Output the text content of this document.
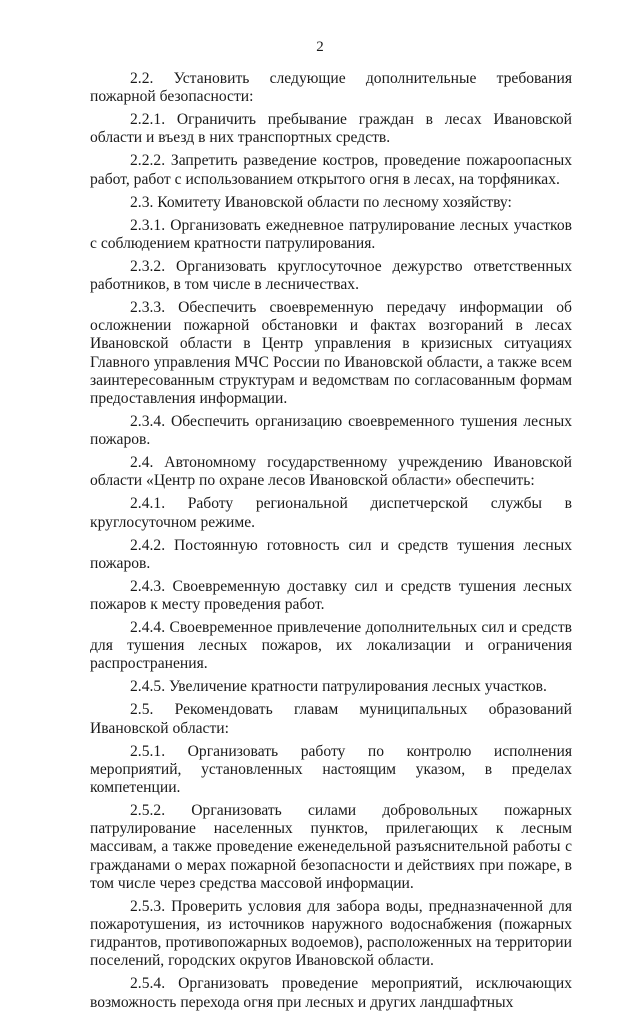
2

2.2. Установить следующие дополнительные требования пожарной безопасности:

2.2.1. Ограничить пребывание граждан в лесах Ивановской области и въезд в них транспортных средств.

2.2.2. Запретить разведение костров, проведение пожароопасных работ, работ с использованием открытого огня в лесах, на торфяниках.

2.3. Комитету Ивановской области по лесному хозяйству:

2.3.1. Организовать ежедневное патрулирование лесных участков с соблюдением кратности патрулирования.

2.3.2. Организовать круглосуточное дежурство ответственных работников, в том числе в лесничествах.

2.3.3. Обеспечить своевременную передачу информации об осложнении пожарной обстановки и фактах возгораний в лесах Ивановской области в Центр управления в кризисных ситуациях Главного управления МЧС России по Ивановской области, а также всем заинтересованным структурам и ведомствам по согласованным формам предоставления информации.

2.3.4. Обеспечить организацию своевременного тушения лесных пожаров.

2.4. Автономному государственному учреждению Ивановской области «Центр по охране лесов Ивановской области» обеспечить:

2.4.1. Работу региональной диспетчерской службы в круглосуточном режиме.

2.4.2. Постоянную готовность сил и средств тушения лесных пожаров.

2.4.3. Своевременную доставку сил и средств тушения лесных пожаров к месту проведения работ.

2.4.4. Своевременное привлечение дополнительных сил и средств для тушения лесных пожаров, их локализации и ограничения распространения.

2.4.5. Увеличение кратности патрулирования лесных участков.

2.5. Рекомендовать главам муниципальных образований Ивановской области:

2.5.1. Организовать работу по контролю исполнения мероприятий, установленных настоящим указом, в пределах компетенции.

2.5.2. Организовать силами добровольных пожарных патрулирование населенных пунктов, прилегающих к лесным массивам, а также проведение еженедельной разъяснительной работы с гражданами о мерах пожарной безопасности и действиях при пожаре, в том числе через средства массовой информации.

2.5.3. Проверить условия для забора воды, предназначенной для пожаротушения, из источников наружного водоснабжения (пожарных гидрантов, противопожарных водоемов), расположенных на территории поселений, городских округов Ивановской области.

2.5.4. Организовать проведение мероприятий, исключающих возможность перехода огня при лесных и других ландшафтных
